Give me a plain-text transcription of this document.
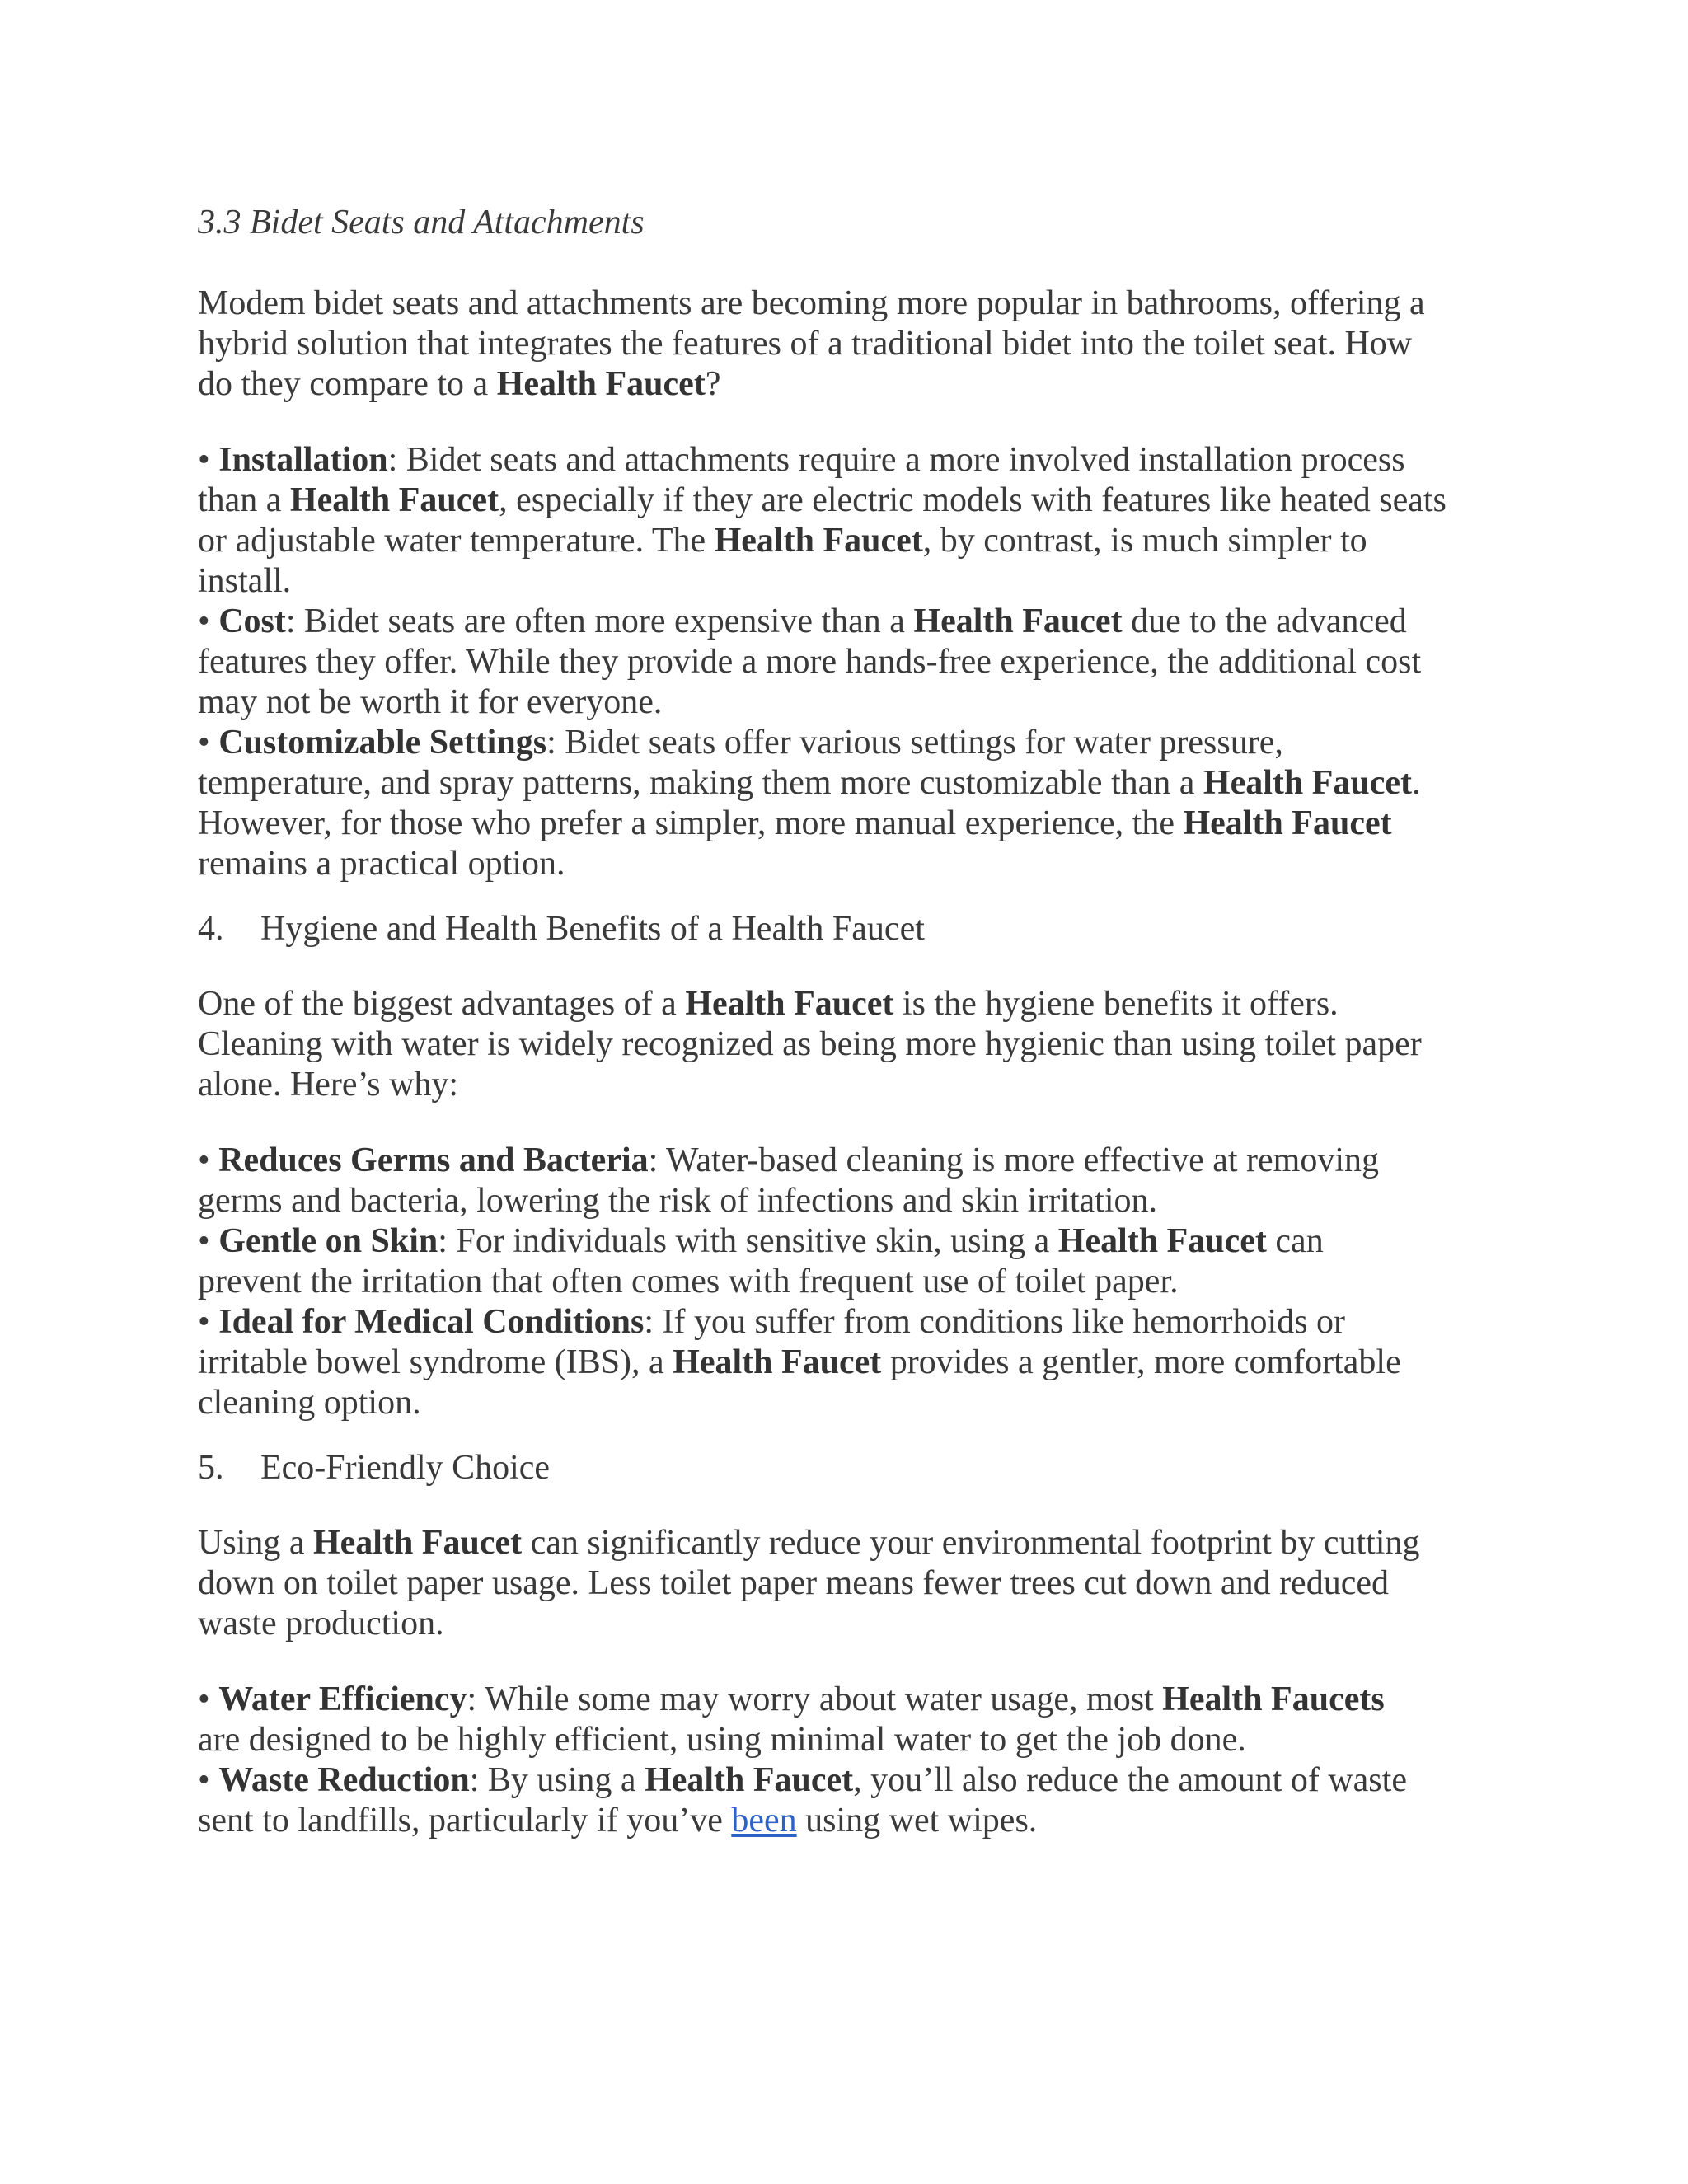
3.3 Bidet Seats and Attachments

Modem bidet seats and attachments are becoming more popular in bathrooms, offering a

hybrid solution that integrates the features of a traditional bidet into the toilet seat. How

do they compare to a Health Faucet?

• Installation: Bidet seats and attachments require a more involved installation process

than a Health Faucet, especially if they are electric models with features like heated seats

or adjustable water temperature. The Health Faucet, by contrast, is much simpler to

install.

• Cost: Bidet seats are often more expensive than a Health Faucet due to the advanced

features they offer. While they provide a more hands-free experience, the additional cost

may not be worth it for everyone.

• Customizable Settings: Bidet seats offer various settings for water pressure,

temperature, and spray patterns, making them more customizable than a Health Faucet.

However, for those who prefer a simpler, more manual experience, the Health Faucet

remains a practical option.

4. Hygiene and Health Benefits of a Health Faucet

One of the biggest advantages of a Health Faucet is the hygiene benefits it offers.

Cleaning with water is widely recognized as being more hygienic than using toilet paper

alone. Here’s why:

• Reduces Germs and Bacteria: Water-based cleaning is more effective at removing

germs and bacteria, lowering the risk of infections and skin irritation.

• Gentle on Skin: For individuals with sensitive skin, using a Health Faucet can

prevent the irritation that often comes with frequent use of toilet paper.

• Ideal for Medical Conditions: If you suffer from conditions like hemorrhoids or

irritable bowel syndrome (IBS), a Health Faucet provides a gentler, more comfortable

cleaning option.

5. Eco-Friendly Choice

Using a Health Faucet can significantly reduce your environmental footprint by cutting

down on toilet paper usage. Less toilet paper means fewer trees cut down and reduced

waste production.

• Water Efficiency: While some may worry about water usage, most Health Faucets

are designed to be highly efficient, using minimal water to get the job done.

• Waste Reduction: By using a Health Faucet, you’ll also reduce the amount of waste

sent to landfills, particularly if you’ve been using wet wipes.
